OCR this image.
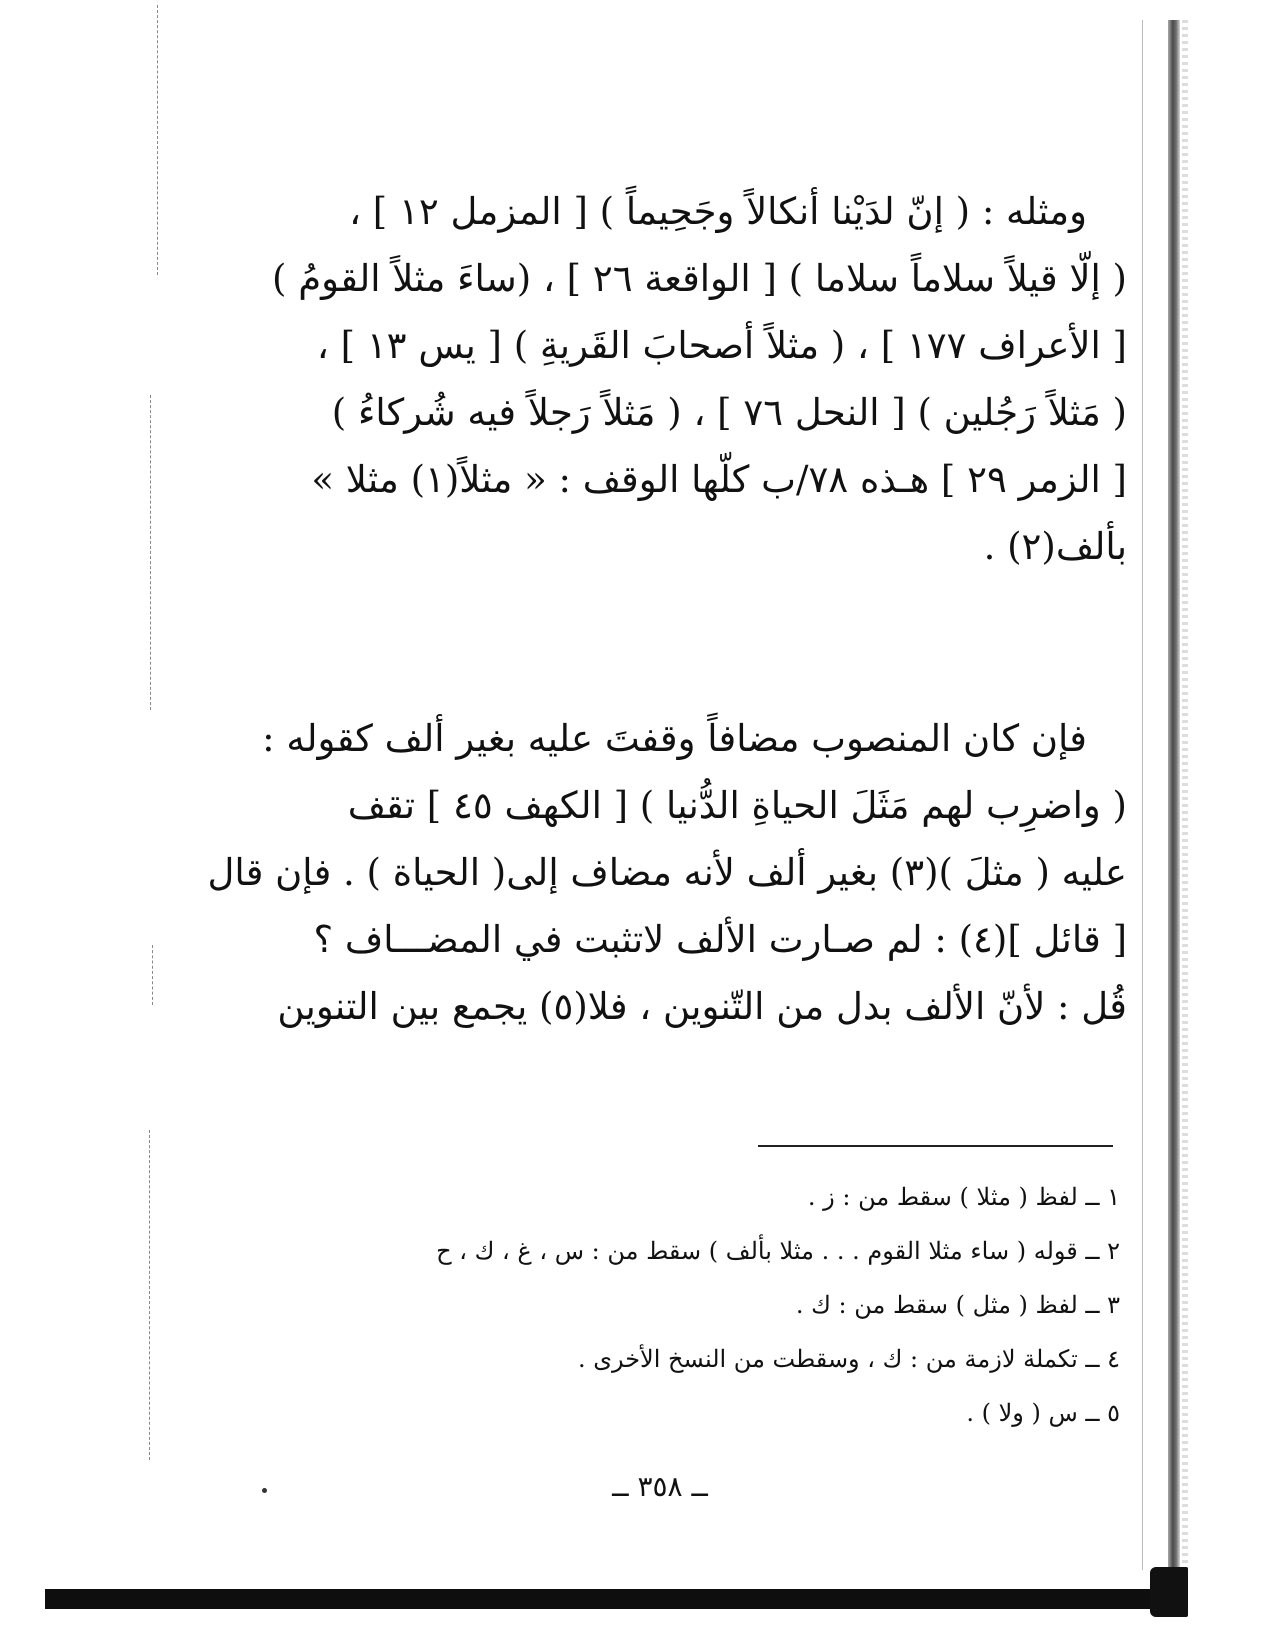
ومثله : ( إنّ لدَيْنا أنكالاً وجَحِيماً ) [ المزمل ١٢ ] ،
( إلّا قيلاً سلاماً سلاما ) [ الواقعة ٢٦ ] ، (ساءَ مثلاً القومُ )
[ الأعراف ١٧٧ ] ، ( مثلاً أصحابَ القَريةِ ) [ يس ١٣ ] ،
( مَثلاً رَجُلين ) [ النحل ٧٦ ] ، ( مَثلاً رَجلاً فيه شُركاءُ )
[ الزمر ٢٩ ] هـذه ٧٨/ب كلّها الوقف : « مثلاً(١) مثلا »
بألف(٢) .
فإن كان المنصوب مضافاً وقفتَ عليه بغير ألف كقوله :
( واضرِب لهم مَثَلَ الحياةِ الدُّنيا ) [ الكهف ٤٥ ] تقف
عليه ( مثلَ )(٣) بغير ألف لأنه مضاف إلى( الحياة ) . فإن قال
[ قائل ](٤) : لم صـارت الألف لاتثبت في المضـــاف ؟
قُل : لأنّ الألف بدل من التّنوين ، فلا(٥) يجمع بين التنوين
١ ــ لفظ ( مثلا ) سقط من : ز .
٢ ــ قوله ( ساء مثلا القوم . . . مثلا بألف ) سقط من : س ، غ ، ك ، ح
٣ ــ لفظ ( مثل ) سقط من : ك .
٤ ــ تكملة لازمة من : ك ، وسقطت من النسخ الأخرى .
٥ ــ س ( ولا ) .
ــ ٣٥٨ ــ
